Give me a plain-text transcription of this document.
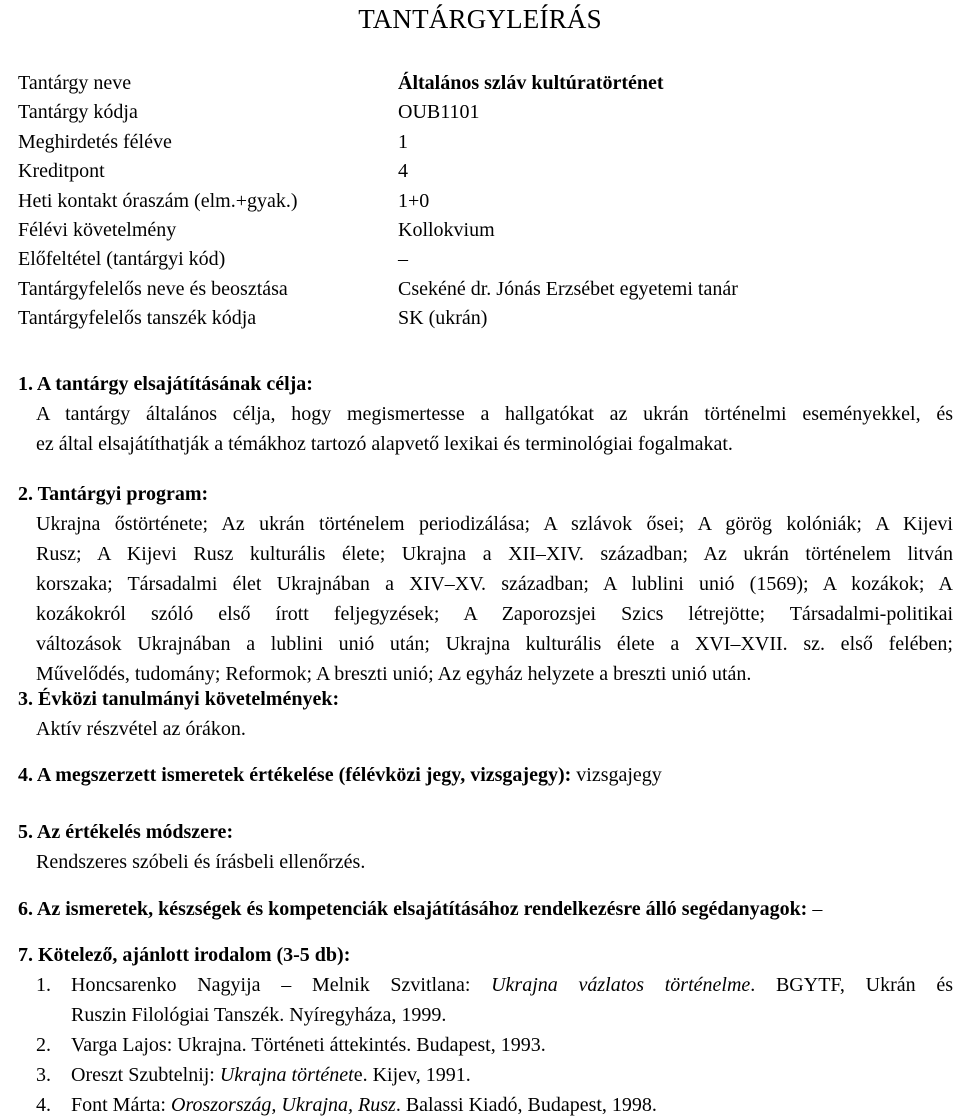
TANTÁRGYLEÍRÁS
Tantárgy neve	Általános szláv kultúratörténet
Tantárgy kódja	OUB1101
Meghirdetés féléve	1
Kreditpont	4
Heti kontakt óraszám (elm.+gyak.)	1+0
Félévi követelmény	Kollokvium
Előfeltétel (tantárgyi kód)	–
Tantárgyfelelős neve és beosztása	Csekéné dr. Jónás Erzsébet egyetemi tanár
Tantárgyfelelős tanszék kódja	SK (ukrán)
1. A tantárgy elsajátításának célja:
A tantárgy általános célja, hogy megismertesse a hallgatókat az ukrán történelmi eseményekkel, és
ez által elsajátíthatják a témákhoz tartozó alapvető lexikai és terminológiai fogalmakat.
2. Tantárgyi program:
Ukrajna őstörténete; Az ukrán történelem periodizálása; A szlávok ősei; A görög kolóniák; A Kijevi
Rusz; A Kijevi Rusz kulturális élete; Ukrajna a XII–XIV. században; Az ukrán történelem litván
korszaka; Társadalmi élet Ukrajnában a XIV–XV. században; A lublini unió (1569); A kozákok; A
kozákokról szóló első írott feljegyzések; A Zaporozsjei Szics létrejötte; Társadalmi-politikai
változások Ukrajnában a lublini unió után; Ukrajna kulturális élete a XVI–XVII. sz. első felében;
Művelődés, tudomány; Reformok; A breszti unió; Az egyház helyzete a breszti unió után.
3. Évközi tanulmányi követelmények:
Aktív részvétel az órákon.
4. A megszerzett ismeretek értékelése (félévközi jegy, vizsgajegy): vizsgajegy
5. Az értékelés módszere:
Rendszeres szóbeli és írásbeli ellenőrzés.
6. Az ismeretek, készségek és kompetenciák elsajátításához rendelkezésre álló segédanyagok: –
7. Kötelező, ajánlott irodalom (3-5 db):
1. Honcsarenko Nagyija – Melnik Szvitlana: Ukrajna vázlatos történelme. BGYTF, Ukrán és
Ruszin Filológiai Tanszék. Nyíregyháza, 1999.
2. Varga Lajos: Ukrajna. Történeti áttekintés. Budapest, 1993.
3. Oreszt Szubtelnij: Ukrajna története. Kijev, 1991.
4. Font Márta: Oroszország, Ukrajna, Rusz. Balassi Kiadó, Budapest, 1998.
